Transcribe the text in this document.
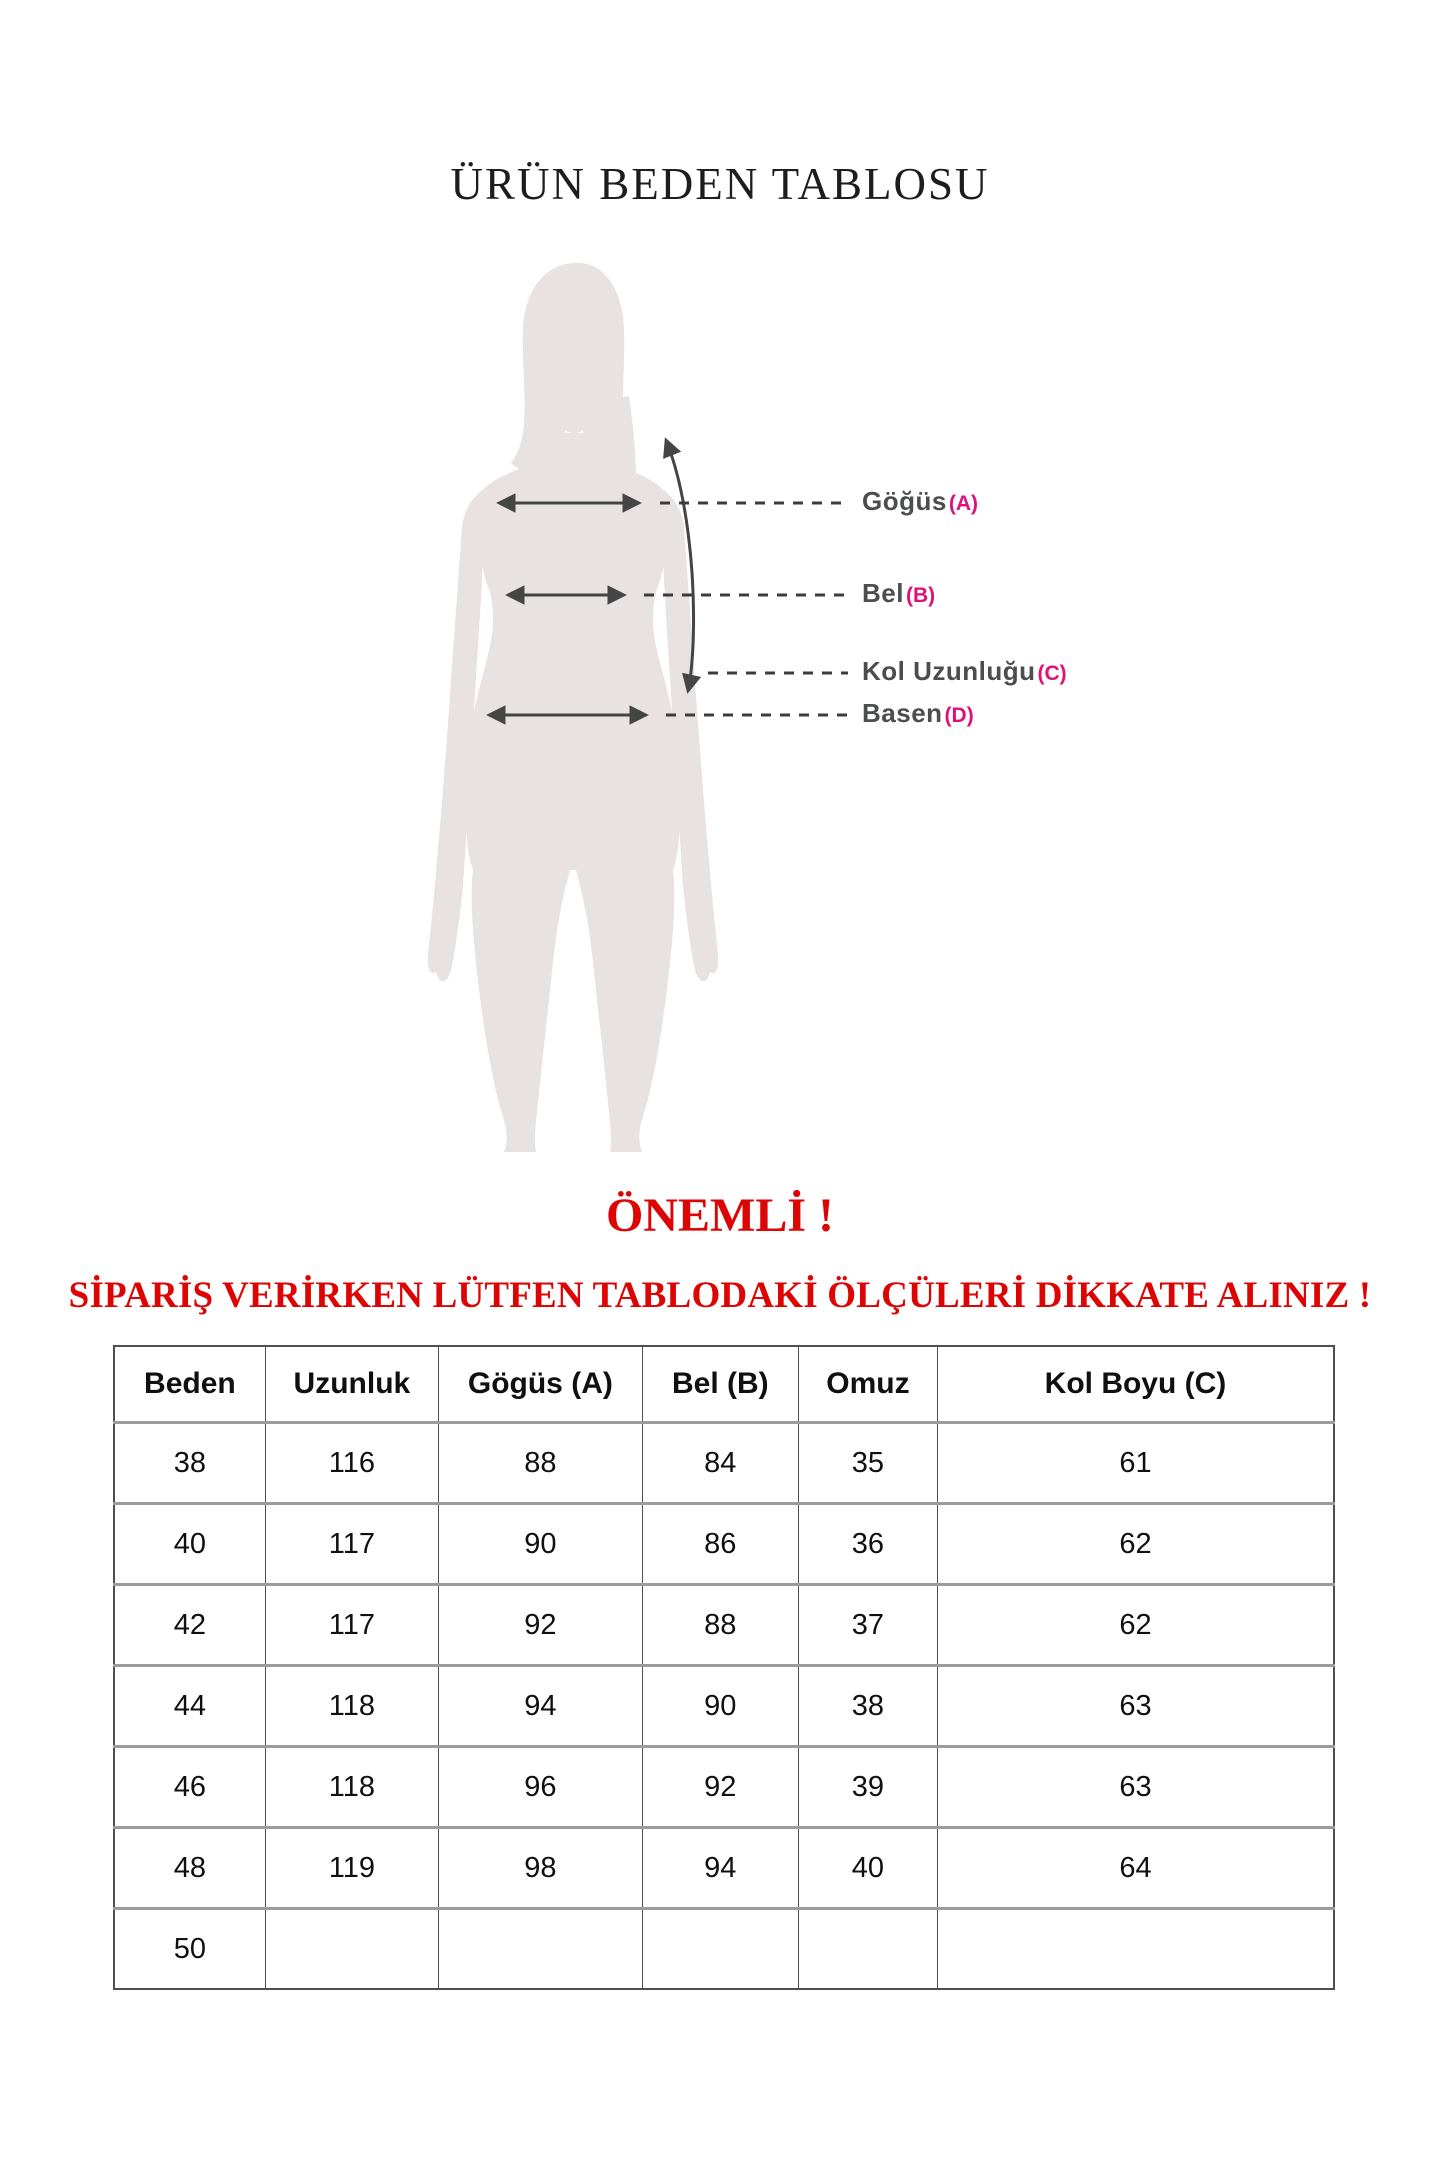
ÜRÜN BEDEN TABLOSU
Göğüs(A)
Bel(B)
Kol Uzunluğu(C)
Basen(D)
ÖNEMLİ !
SİPARİŞ VERİRKEN LÜTFEN TABLODAKİ ÖLÇÜLERİ DİKKATE ALINIZ !
Beden	Uzunluk	Gögüs (A)	Bel (B)	Omuz	Kol Boyu (C)
38	116	88	84	35	61
40	117	90	86	36	62
42	117	92	88	37	62
44	118	94	90	38	63
46	118	96	92	39	63
48	119	98	94	40	64
50					
